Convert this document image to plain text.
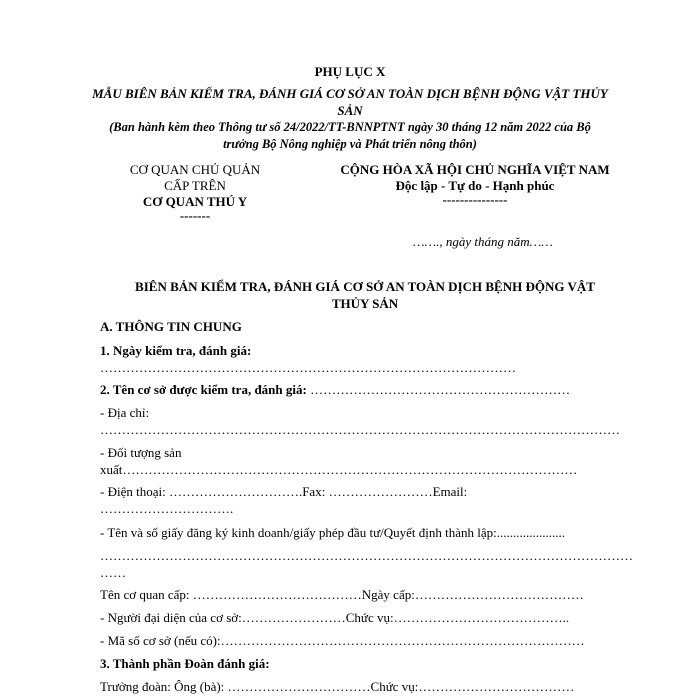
PHỤ LỤC X
MẪU BIÊN BẢN KIỂM TRA, ĐÁNH GIÁ CƠ SỞ AN TOÀN DỊCH BỆNH ĐỘNG VẬT THỦY
SẢN
(Ban hành kèm theo Thông tư số 24/2022/TT-BNNPTNT ngày 30 tháng 12 năm 2022 của Bộ
trưởng Bộ Nông nghiệp và Phát triển nông thôn)
CƠ QUAN CHỦ QUẢN
CẤP TRÊN
CƠ QUAN THÚ Y
-------
CỘNG HÒA XÃ HỘI CHỦ NGHĨA VIỆT NAM
Độc lập - Tự do - Hạnh phúc
---------------
……., ngày tháng năm……
BIÊN BẢN KIỂM TRA, ĐÁNH GIÁ CƠ SỞ AN TOÀN DỊCH BỆNH ĐỘNG VẬT
THỦY SẢN
A. THÔNG TIN CHUNG
1. Ngày kiểm tra, đánh giá:
……………………………………………………………………………………
2. Tên cơ sở được kiểm tra, đánh giá: ……………………………………………………
- Địa chỉ:
…………………………………………………………………………………………………………
- Đối tượng sản
xuất……………………………………………………………………………………………
- Điện thoại: ………………………….Fax: ……………………Email:
………………………….
- Tên và số giấy đăng ký kinh doanh/giấy phép đầu tư/Quyết định thành lập:.....................
……………………………………………………………………………………………………………
……
Tên cơ quan cấp: …………………………………Ngày cấp:…………………………………
- Người đại diện của cơ sở:……………………Chức vụ:…………………………………..
- Mã số cơ sở (nếu có):…………………………………………………………………………
3. Thành phần Đoàn đánh giá:
Trưởng đoàn: Ông (bà): ……………………………Chức vụ:………………………………
